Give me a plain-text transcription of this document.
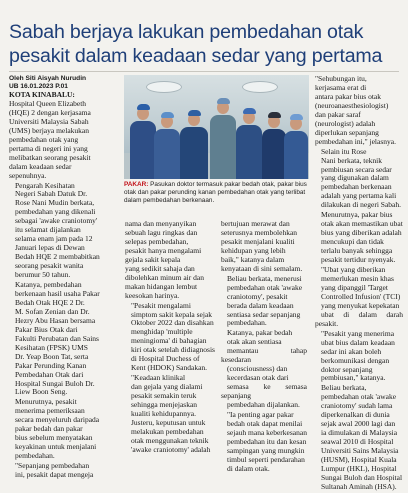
Sabah berjaya lakukan pembedahan otak
pesakit dalam keadaan sedar yang pertama
Oleh Siti Aisyah Nurudin
UB 16.01.2023 P.01

KOTA KINABALU:
Hospital Queen Elizabeth
(HQE) 2 dengan kerjasama
Universiti Malaysia Sabah
(UMS) berjaya melakukan
pembedahan otak yang
pertama di negeri ini yang
melibatkan seorang pesakit
dalam keadaan sedar
sepenuhnya.

Pengarah Kesihatan
Negeri Sabah Datuk Dr.
Rose Nani Mudin berkata,
pembedahan yang dikenali
sebagai 'awake craniotomy'
itu selamat dijalankan
selama enam jam pada 12
Januari lepas di Dewan
Bedah HQE 2 membabitkan
seorang pesakit wanita
berumur 50 tahun.

Katanya, pembedahan
berkenaan hasil usaha Pakar
Bedah Otak HQE 2 Dr.
M. Sofan Zenian dan Dr.
Hezry Abu Hasan bersama
Pakar Bius Otak dari
Fakulti Perubatan dan Sains
Kesihatan (FPSK) UMS
Dr. Yeap Boon Tat, serta
Pakar Perunding Kanan
Pembedahan Otak dari
Hospital Sungai Buloh Dr.
Liew Boon Seng.

Menurutnya, pesakit
menerima pemeriksaan
secara menyeluruh daripada
pakar bedah dan pakar
bius sebelum menyatakan
keyakinan untuk menjalani
pembedahan.

"Sepanjang pembedahan
ini, pesakit dapat mengeja

PAKAR: Pasukan doktor termasuk pakar bedah otak, pakar bius otak dan pakar perunding kanan pembedahan otak yang terlibat dalam pembedahan berkenaan.

nama dan menyanyikan
sebuah lagu ringkas dan
selepas pembedahan,
pesakit hanya mengalami
gejala sakit kepala
yang sedikit sahaja dan
dibolehkan minum air dan
makan hidangan lembut
keesokan harinya.

"Pesakit mengalami
simptom sakit kepala sejak
Oktober 2022 dan disahkan
menghidap 'multiple
meningioma' di bahagian
kiri otak setelah didiagnosis
di Hospital Duchess of
Kent (HDOK) Sandakan.

"Keadaan klinikal
dan gejala yang dialami
pesakit semakin teruk
sehingga menjejaskan
kualiti kehidupannya.
Justeru, keputusan untuk
melakukan pembedahan
otak menggunakan teknik
'awake craniotomy' adalah

bertujuan merawat dan
seterusnya membolehkan
pesakit menjalani kualiti
kehidupan yang lebih
baik," katanya dalam
kenyataan di sini semalam.

Beliau berkata, menerusi
pembedahan otak 'awake
craniotomy', pesakit
berada dalam keadaan
sentiasa sedar sepanjang
pembedahan.

Katanya, pakar bedah
otak akan sentiasa
memantau tahap kesedaran
(consciousness) dan
kecerdasan otak dari
semasa ke semasa sepanjang
pembedahan dijalankan.

"Ia penting agar pakar
bedah otak dapat menilai
sejauh mana keberkesanan
pembedahan itu dan kesan
sampingan yang mungkin
timbul seperti pendarahan
di dalam otak.

"Sehubungan itu,
kerjasama erat di
antara pakar bius otak
(neuroanaesthesiologist)
dan pakar saraf
(neurologist) adalah
diperlukan sepanjang
pembedahan ini," jelasnya.

Selain itu Rose
Nani berkata, teknik
pembiusan secara sedar
yang digunakan dalam
pembedahan berkenaan
adalah yang pertama kali
dilakukan di negeri Sabah.

Menurutnya, pakar bius
otak akan memastikan ubat
bius yang diberikan adalah
mencukupi dan tidak
terlalu banyak sehingga
pesakit tertidur nyenyak.

"Ubat yang diberikan
memerlukan mesin khas
yang dipanggil 'Target
Controlled Infusion' (TCI)
yang menyukat kepekatan
ubat di dalam darah pesakit.

"Pesakit yang menerima
ubat bius dalam keadaan
sedar ini akan boleh
berkomunikasi dengan
doktor sepanjang
pembiusan," katanya.

Beliau berkata,
pembedahan otak 'awake
craniotomy' sudah lama
diperkenalkan di dunia
sejak awal 2000 lagi dan
ia dimulakan di Malaysia
seawal 2010 di Hospital
Universiti Sains Malaysia
(HUSM), Hospital Kuala
Lumpur (HKL), Hospital
Sungai Buloh dan Hospital
Sultanah Aminah (HSA).
